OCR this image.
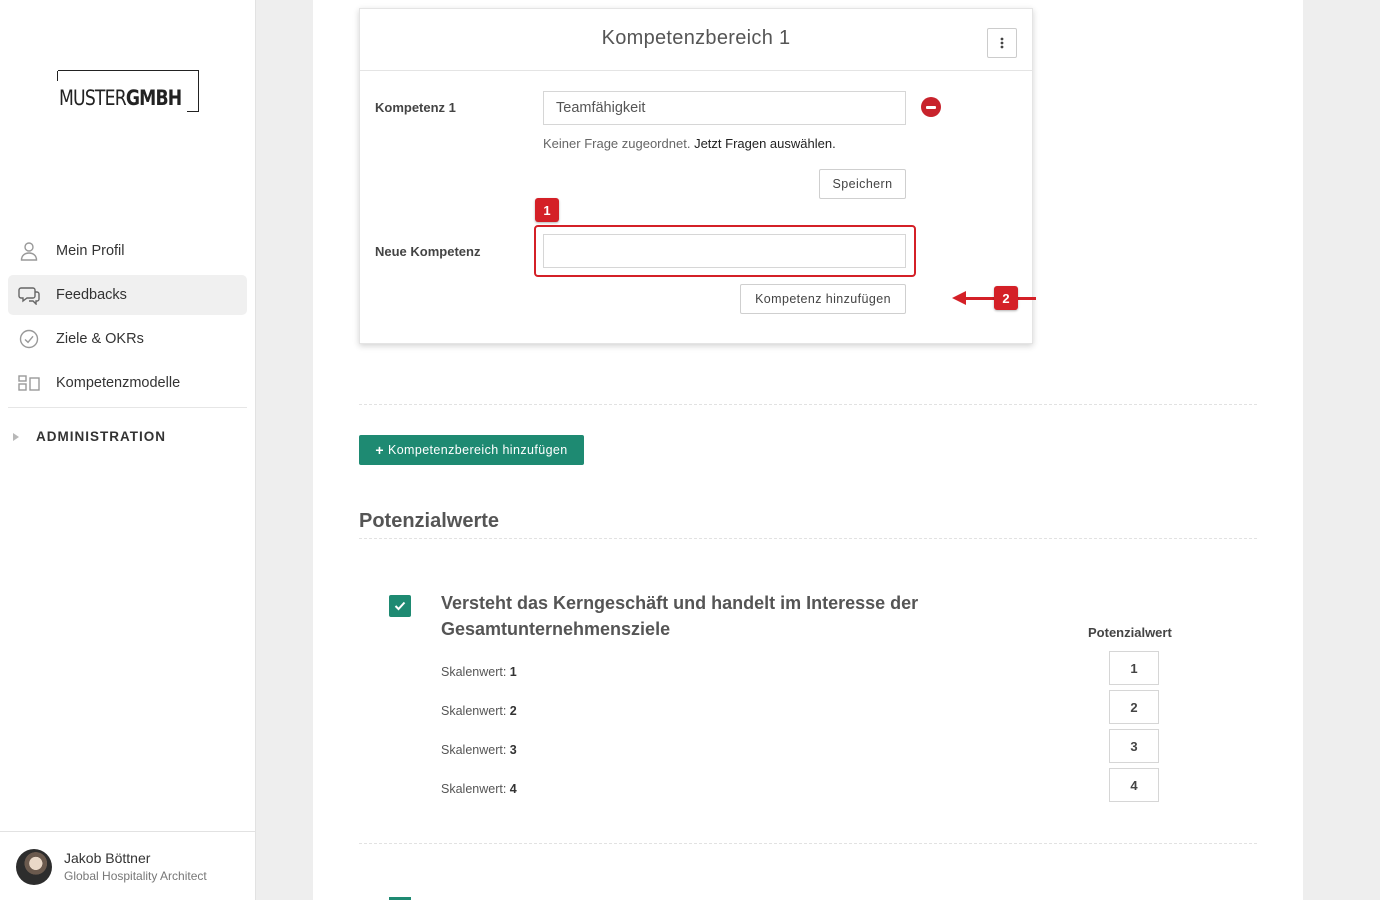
MUSTERGMBH
Mein Profil
Feedbacks
Ziele & OKRs
Kompetenzmodelle
ADMINISTRATION
Jakob Böttner
Global Hospitality Architect
Kompetenzbereich 1
Kompetenz 1
Teamfähigkeit
Keiner Frage zugeordnet. Jetzt Fragen auswählen.
Speichern
Neue Kompetenz
Kompetenz hinzufügen
1
2
+ Kompetenzbereich hinzufügen
Potenzialwerte
Versteht das Kerngeschäft und handelt im Interesse der Gesamtunternehmensziele
Skalenwert: 1
Skalenwert: 2
Skalenwert: 3
Skalenwert: 4
Potenzialwert
1
2
3
4
